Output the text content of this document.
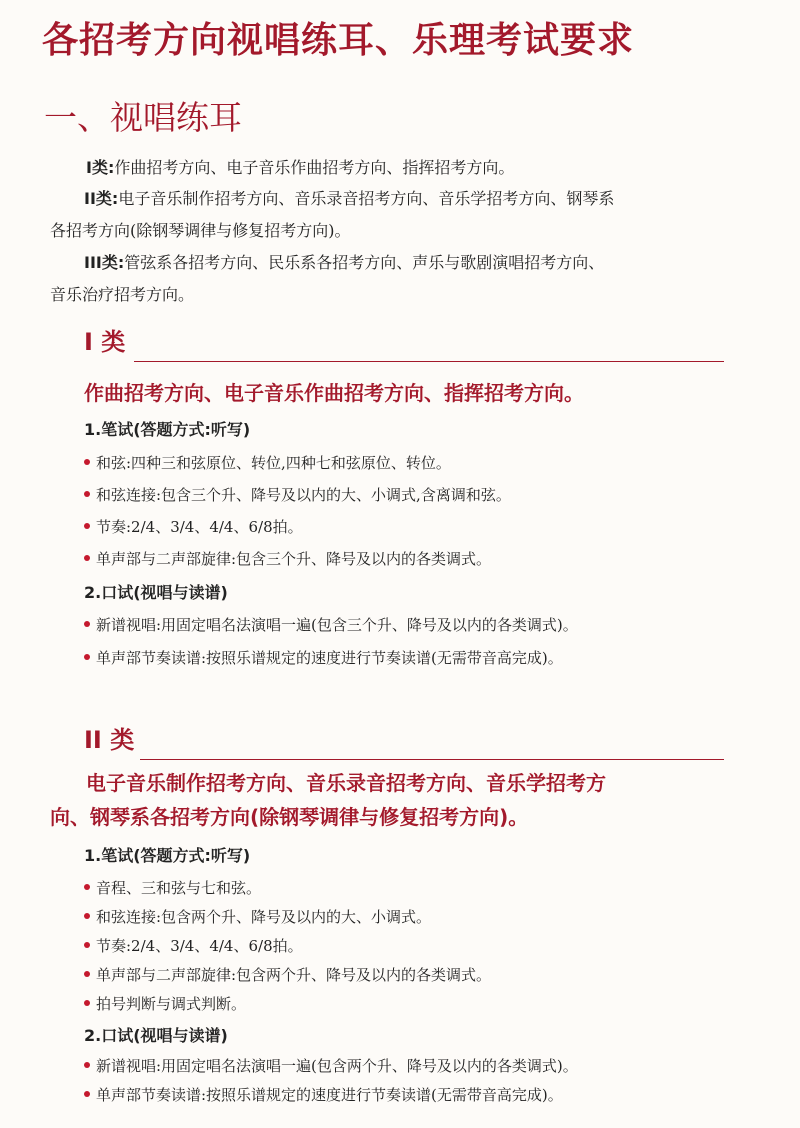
各招考方向视唱练耳、乐理考试要求
一、视唱练耳
I类:作曲招考方向、电子音乐作曲招考方向、指挥招考方向。
II类:电子音乐制作招考方向、音乐录音招考方向、音乐学招考方向、钢琴系
各招考方向(除钢琴调律与修复招考方向)。
III类:管弦系各招考方向、民乐系各招考方向、声乐与歌剧演唱招考方向、
音乐治疗招考方向。
I 类
作曲招考方向、电子音乐作曲招考方向、指挥招考方向。
1.笔试(答题方式:听写)
和弦:四种三和弦原位、转位,四种七和弦原位、转位。
和弦连接:包含三个升、降号及以内的大、小调式,含离调和弦。
节奏:2/4、3/4、4/4、6/8拍。
单声部与二声部旋律:包含三个升、降号及以内的各类调式。
2.口试(视唱与读谱)
新谱视唱:用固定唱名法演唱一遍(包含三个升、降号及以内的各类调式)。
单声部节奏读谱:按照乐谱规定的速度进行节奏读谱(无需带音高完成)。
II 类
电子音乐制作招考方向、音乐录音招考方向、音乐学招考方
向、钢琴系各招考方向(除钢琴调律与修复招考方向)。
1.笔试(答题方式:听写)
音程、三和弦与七和弦。
和弦连接:包含两个升、降号及以内的大、小调式。
节奏:2/4、3/4、4/4、6/8拍。
单声部与二声部旋律:包含两个升、降号及以内的各类调式。
拍号判断与调式判断。
2.口试(视唱与读谱)
新谱视唱:用固定唱名法演唱一遍(包含两个升、降号及以内的各类调式)。
单声部节奏读谱:按照乐谱规定的速度进行节奏读谱(无需带音高完成)。
